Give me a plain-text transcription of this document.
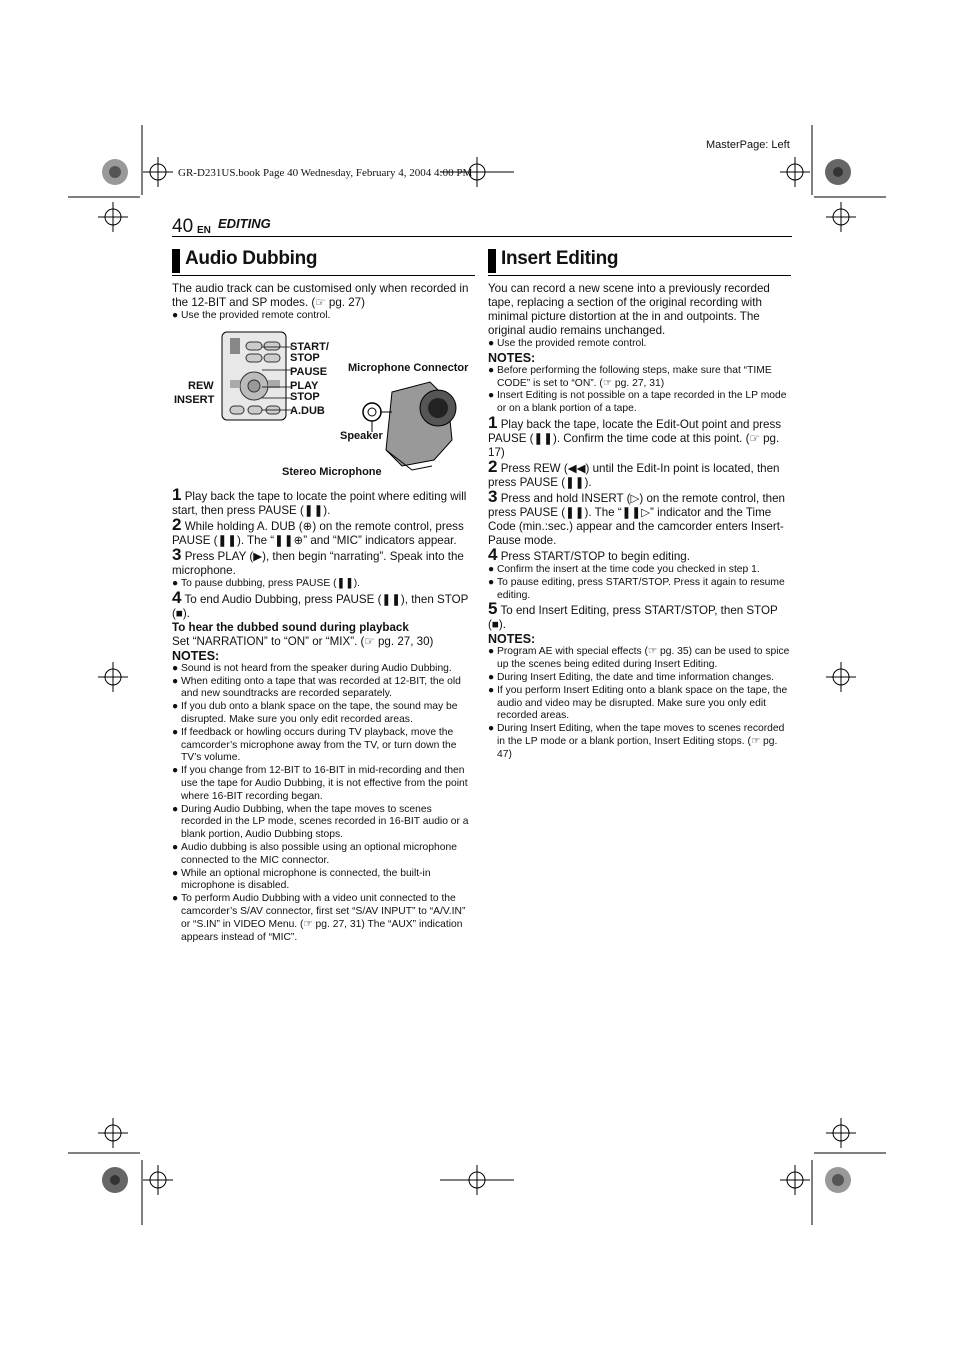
MasterPage: Left
GR-D231US.book Page 40 Wednesday, February 4, 2004 4:00 PM
40 EN EDITING
Audio Dubbing

The audio track can be customised only when recorded in the 12-BIT and SP modes. (☞ pg. 27)

● Use the provided remote control.
START/
STOP
PAUSE
PLAY
STOP
A.DUB
REW
INSERT
Microphone Connector
Speaker
Stereo Microphone

1 Play back the tape to locate the point where editing will start, then press PAUSE (❚❚).

2 While holding A. DUB (⊕) on the remote control, press PAUSE (❚❚). The “❚❚⊕” and “MIC” indicators appear.

3 Press PLAY (▶), then begin “narrating”. Speak into the microphone.

● To pause dubbing, press PAUSE (❚❚).

4 To end Audio Dubbing, press PAUSE (❚❚), then STOP (■).

To hear the dubbed sound during playback

Set “NARRATION” to “ON” or “MIX”. (☞ pg. 27, 30)

NOTES:

● Sound is not heard from the speaker during Audio Dubbing.
● When editing onto a tape that was recorded at 12-BIT, the old and new soundtracks are recorded separately.
● If you dub onto a blank space on the tape, the sound may be disrupted. Make sure you only edit recorded areas.
● If feedback or howling occurs during TV playback, move the camcorder’s microphone away from the TV, or turn down the TV’s volume.
● If you change from 12-BIT to 16-BIT in mid-recording and then use the tape for Audio Dubbing, it is not effective from the point where 16-BIT recording began.
● During Audio Dubbing, when the tape moves to scenes recorded in the LP mode, scenes recorded in 16-BIT audio or a blank portion, Audio Dubbing stops.
● Audio dubbing is also possible using an optional microphone connected to the MIC connector.
● While an optional microphone is connected, the built-in microphone is disabled.
● To perform Audio Dubbing with a video unit connected to the camcorder’s S/AV connector, first set “S/AV INPUT” to “A/V.IN” or “S.IN” in VIDEO Menu. (☞ pg. 27, 31) The “AUX” indication appears instead of “MIC”.
Insert Editing

You can record a new scene into a previously recorded tape, replacing a section of the original recording with minimal picture distortion at the in and outpoints. The original audio remains unchanged.

● Use the provided remote control.

NOTES:

● Before performing the following steps, make sure that “TIME CODE” is set to “ON”. (☞ pg. 27, 31)
● Insert Editing is not possible on a tape recorded in the LP mode or on a blank portion of a tape.

1 Play back the tape, locate the Edit-Out point and press PAUSE (❚❚). Confirm the time code at this point. (☞ pg. 17)

2 Press REW (◀◀) until the Edit-In point is located, then press PAUSE (❚❚).

3 Press and hold INSERT (▷) on the remote control, then press PAUSE (❚❚). The “❚❚▷” indicator and the Time Code (min.:sec.) appear and the camcorder enters Insert-Pause mode.

4 Press START/STOP to begin editing.

● Confirm the insert at the time code you checked in step 1.
● To pause editing, press START/STOP. Press it again to resume editing.

5 To end Insert Editing, press START/STOP, then STOP (■).

NOTES:

● Program AE with special effects (☞ pg. 35) can be used to spice up the scenes being edited during Insert Editing.
● During Insert Editing, the date and time information changes.
● If you perform Insert Editing onto a blank space on the tape, the audio and video may be disrupted. Make sure you only edit recorded areas.
● During Insert Editing, when the tape moves to scenes recorded in the LP mode or a blank portion, Insert Editing stops. (☞ pg. 47)
